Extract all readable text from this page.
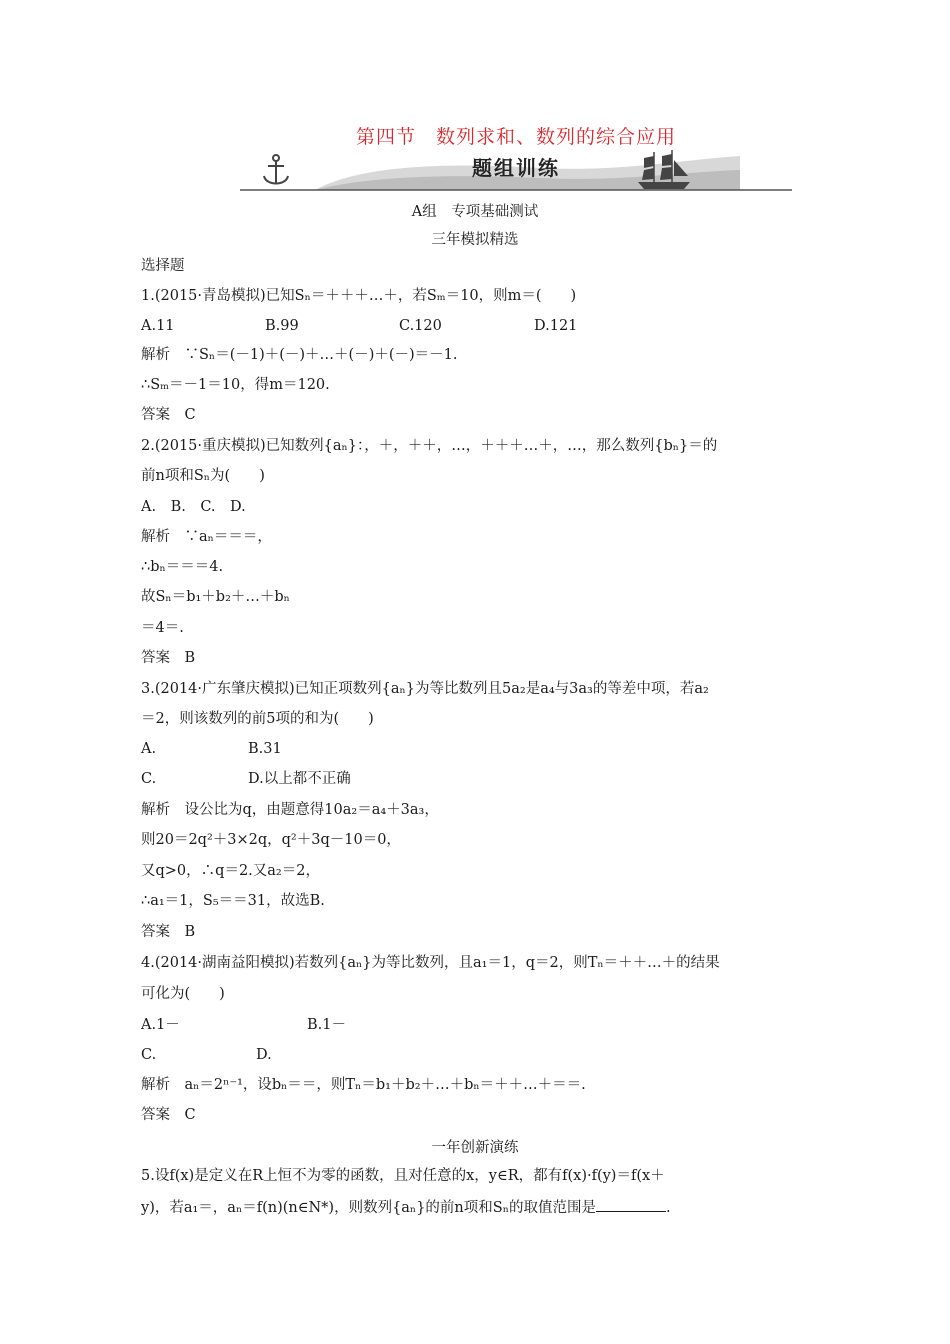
第四节　数列求和、数列的综合应用
题组训练
A组　专项基础测试
三年模拟精选
选择题
1.(2015·青岛模拟)已知Sₙ＝＋＋＋…＋，若Sₘ＝10，则m＝(　　)
A.11	B.99	C.120	D.121
解析　∵Sₙ＝(－1)＋(－)＋…＋(－)＋(－)＝－1.
∴Sₘ＝－1＝10，得m＝120.
答案　C
2.(2015·重庆模拟)已知数列{aₙ}：，＋，＋＋，…，＋＋＋…＋，…，那么数列{bₙ}＝的
前n项和Sₙ为(　　)
A.　B.　C.　D.
解析　∵aₙ＝＝＝，
∴bₙ＝＝＝4.
故Sₙ＝b₁＋b₂＋…＋bₙ
＝4＝.
答案　B
3.(2014·广东肇庆模拟)已知正项数列{aₙ}为等比数列且5a₂是a₄与3a₃的等差中项，若a₂
＝2，则该数列的前5项的和为(　　)
A.	B.31
C.	D.以上都不正确
解析　设公比为q，由题意得10a₂＝a₄＋3a₃，
则20＝2q²＋3×2q，q²＋3q－10＝0，
又q>0，∴q＝2.又a₂＝2，
∴a₁＝1，S₅＝＝31，故选B.
答案　B
4.(2014·湖南益阳模拟)若数列{aₙ}为等比数列，且a₁＝1，q＝2，则Tₙ＝＋＋…＋的结果
可化为(　　)
A.1－	B.1－
C.	D.
解析　aₙ＝2ⁿ⁻¹，设bₙ＝＝，则Tₙ＝b₁＋b₂＋…＋bₙ＝＋＋…＋＝＝.
答案　C
一年创新演练
5.设f(x)是定义在R上恒不为零的函数，且对任意的x，y∈R，都有f(x)·f(y)＝f(x＋
y)，若a₁＝，aₙ＝f(n)(n∈N*)，则数列{aₙ}的前n项和Sₙ的取值范围是	.
